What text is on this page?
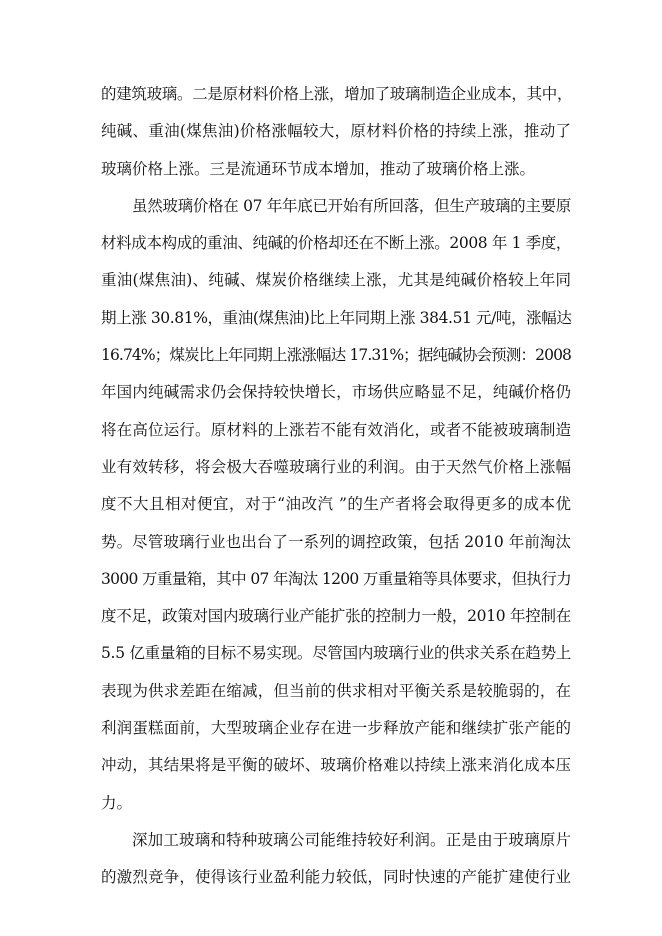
的建筑玻璃。二是原材料价格上涨，增加了玻璃制造企业成本，其中，
纯碱、重油(煤焦油)价格涨幅较大，原材料价格的持续上涨，推动了
玻璃价格上涨。三是流通环节成本增加，推动了玻璃价格上涨。
虽然玻璃价格在 07 年年底已开始有所回落，但生产玻璃的主要原
材料成本构成的重油、纯碱的价格却还在不断上涨。2008 年 1 季度，
重油(煤焦油)、纯碱、煤炭价格继续上涨，尤其是纯碱价格较上年同
期上涨 30.81%，重油(煤焦油)比上年同期上涨 384.51 元/吨，涨幅达
16.74%；煤炭比上年同期上涨涨幅达 17.31%；据纯碱协会预测：2008
年国内纯碱需求仍会保持较快增长，市场供应略显不足，纯碱价格仍
将在高位运行。原材料的上涨若不能有效消化，或者不能被玻璃制造
业有效转移，将会极大吞噬玻璃行业的利润。由于天然气价格上涨幅
度不大且相对便宜，对于“油改汽 ”的生产者将会取得更多的成本优
势。尽管玻璃行业也出台了一系列的调控政策，包括 2010 年前淘汰
3000 万重量箱，其中 07 年淘汰 1200 万重量箱等具体要求，但执行力
度不足，政策对国内玻璃行业产能扩张的控制力一般，2010 年控制在
5.5 亿重量箱的目标不易实现。尽管国内玻璃行业的供求关系在趋势上
表现为供求差距在缩减，但当前的供求相对平衡关系是较脆弱的，在
利润蛋糕面前，大型玻璃企业存在进一步释放产能和继续扩张产能的
冲动，其结果将是平衡的破坏、玻璃价格难以持续上涨来消化成本压
力。
深加工玻璃和特种玻璃公司能维持较好利润。正是由于玻璃原片
的激烈竞争，使得该行业盈利能力较低，同时快速的产能扩建使行业
